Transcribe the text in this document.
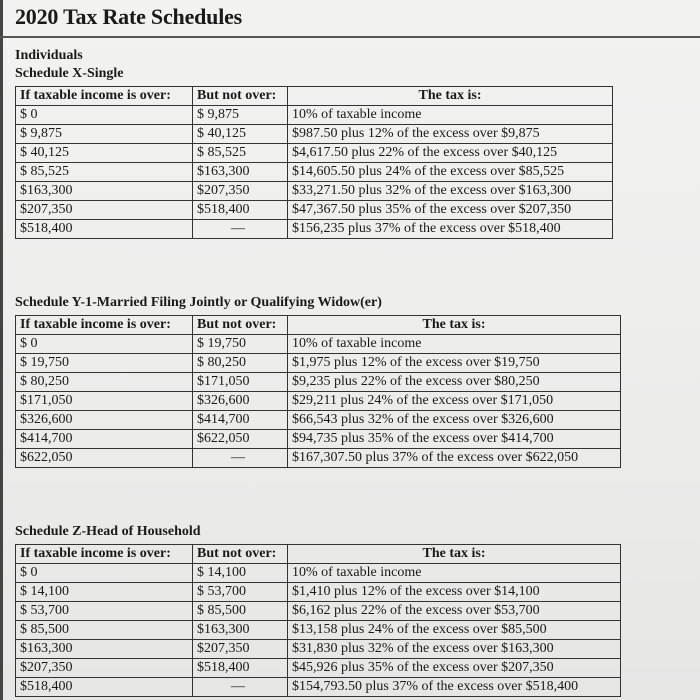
2020 Tax Rate Schedules
Individuals
Schedule X-Single
If taxable income is over:	But not over:	The tax is:
$ 0	$ 9,875	10% of taxable income
$ 9,875	$ 40,125	$987.50 plus 12% of the excess over $9,875
$ 40,125	$ 85,525	$4,617.50 plus 22% of the excess over $40,125
$ 85,525	$163,300	$14,605.50 plus 24% of the excess over $85,525
$163,300	$207,350	$33,271.50 plus 32% of the excess over $163,300
$207,350	$518,400	$47,367.50 plus 35% of the excess over $207,350
$518,400	—	$156,235 plus 37% of the excess over $518,400
Schedule Y-1-Married Filing Jointly or Qualifying Widow(er)
If taxable income is over:	But not over:	The tax is:
$ 0	$ 19,750	10% of taxable income
$ 19,750	$ 80,250	$1,975 plus 12% of the excess over $19,750
$ 80,250	$171,050	$9,235 plus 22% of the excess over $80,250
$171,050	$326,600	$29,211 plus 24% of the excess over $171,050
$326,600	$414,700	$66,543 plus 32% of the excess over $326,600
$414,700	$622,050	$94,735 plus 35% of the excess over $414,700
$622,050	—	$167,307.50 plus 37% of the excess over $622,050
Schedule Z-Head of Household
If taxable income is over:	But not over:	The tax is:
$ 0	$ 14,100	10% of taxable income
$ 14,100	$ 53,700	$1,410 plus 12% of the excess over $14,100
$ 53,700	$ 85,500	$6,162 plus 22% of the excess over $53,700
$ 85,500	$163,300	$13,158 plus 24% of the excess over $85,500
$163,300	$207,350	$31,830 plus 32% of the excess over $163,300
$207,350	$518,400	$45,926 plus 35% of the excess over $207,350
$518,400	—	$154,793.50 plus 37% of the excess over $518,400
